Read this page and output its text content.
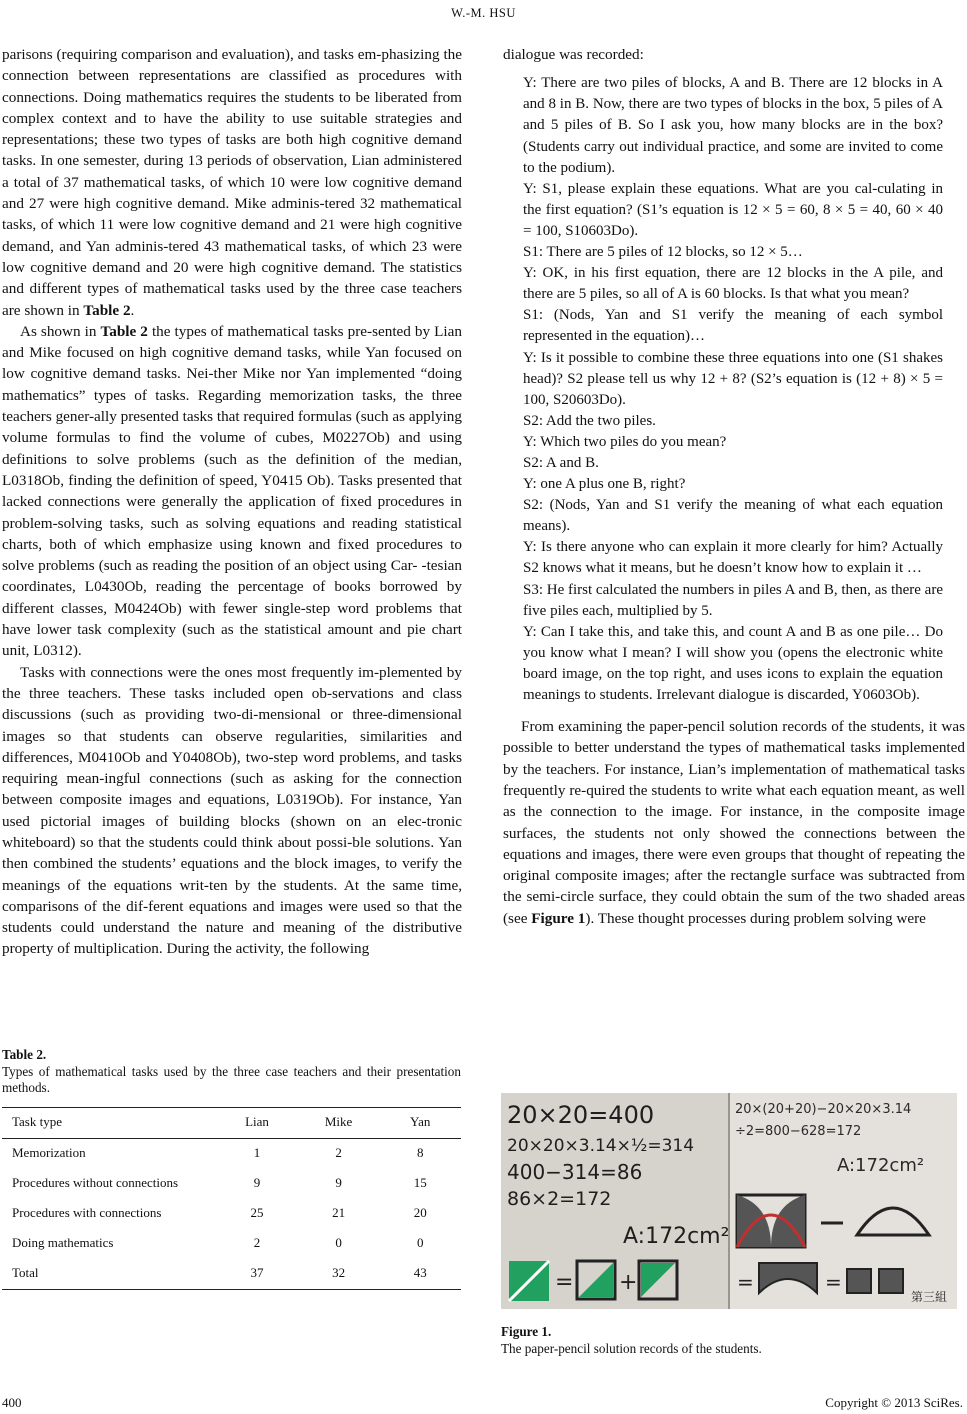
W.-M. HSU

parisons (requiring comparison and evaluation), and tasks em-phasizing the connection between representations are classified as procedures with connections. Doing mathematics requires the students to be liberated from complex context and to have the ability to use suitable strategies and representations; these two types of tasks are both high cognitive demand tasks. In one semester, during 13 periods of observation, Lian administered a total of 37 mathematical tasks, of which 10 were low cognitive demand and 27 were high cognitive demand. Mike adminis-tered 32 mathematical tasks, of which 11 were low cognitive demand and 21 were high cognitive demand, and Yan adminis-tered 43 mathematical tasks, of which 23 were low cognitive demand and 20 were high cognitive demand. The statistics and different types of mathematical tasks used by the three case teachers are shown in Table 2.

As shown in Table 2 the types of mathematical tasks pre-sented by Lian and Mike focused on high cognitive demand tasks, while Yan focused on low cognitive demand tasks. Nei-ther Mike nor Yan implemented “doing mathematics” types of tasks. Regarding memorization tasks, the three teachers gener-ally presented tasks that required formulas (such as applying volume formulas to find the volume of cubes, M0227Ob) and using definitions to solve problems (such as the definition of the median, L0318Ob, finding the definition of speed, Y0415 Ob). Tasks presented that lacked connections were generally the application of fixed procedures in problem-solving tasks, such as solving equations and reading statistical charts, both of which emphasize using known and fixed procedures to solve problems (such as reading the position of an object using Car- -tesian coordinates, L0430Ob, reading the percentage of books borrowed by different classes, M0424Ob) with fewer single-step word problems that have lower task complexity (such as the statistical amount and pie chart unit, L0312).

Tasks with connections were the ones most frequently im-plemented by the three teachers. These tasks included open ob-servations and class discussions (such as providing two-di-mensional or three-dimensional images so that students can observe regularities, similarities and differences, M0410Ob and Y0408Ob), two-step word problems, and tasks requiring mean-ingful connections (such as asking for the connection between composite images and equations, L0319Ob). For instance, Yan used pictorial images of building blocks (shown on an elec-tronic whiteboard) so that the students could think about possi-ble solutions. Yan then combined the students’ equations and the block images, to verify the meanings of the equations writ-ten by the students. At the same time, comparisons of the dif-ferent equations and images were used so that the students could understand the nature and meaning of the distributive property of multiplication. During the activity, the following

Table 2.
Types of mathematical tasks used by the three case teachers and their presentation methods.
Task type	Lian	Mike	Yan
Memorization	1	2	8
Procedures without connections	9	9	15
Procedures with connections	25	21	20
Doing mathematics	2	0	0
Total	37	32	43

dialogue was recorded:

Y: There are two piles of blocks, A and B. There are 12 blocks in A and 8 in B. Now, there are two types of blocks in the box, 5 piles of A and 5 piles of B. So I ask you, how many blocks are in the box? (Students carry out individual practice, and some are invited to come to the podium).

Y: S1, please explain these equations. What are you cal-culating in the first equation? (S1’s equation is 12 × 5 = 60, 8 × 5 = 40, 60 × 40 = 100, S10603Do).

S1: There are 5 piles of 12 blocks, so 12 × 5…

Y: OK, in his first equation, there are 12 blocks in the A pile, and there are 5 piles, so all of A is 60 blocks. Is that what you mean?

S1: (Nods, Yan and S1 verify the meaning of each symbol represented in the equation)…

Y: Is it possible to combine these three equations into one (S1 shakes head)? S2 please tell us why 12 + 8? (S2’s equation is (12 + 8) × 5 = 100, S20603Do).

S2: Add the two piles.

Y: Which two piles do you mean?

S2: A and B.

Y: one A plus one B, right?

S2: (Nods, Yan and S1 verify the meaning of what each equation means).

Y: Is there anyone who can explain it more clearly for him? Actually S2 knows what it means, but he doesn’t know how to explain it …

S3: He first calculated the numbers in piles A and B, then, as there are five piles each, multiplied by 5.

Y: Can I take this, and take this, and count A and B as one pile… Do you know what I mean? I will show you (opens the electronic white board image, on the top right, and uses icons to explain the equation meanings to students. Irrelevant dialogue is discarded, Y0603Ob).

From examining the paper-pencil solution records of the students, it was possible to better understand the types of mathematical tasks implemented by the teachers. For instance, Lian’s implementation of mathematical tasks frequently re-quired the students to write what each equation meant, as well as the connection to the image. For instance, in the composite image surfaces, the students not only showed the connections between the equations and images, there were even groups that thought of repeating the original composite images; after the rectangle surface was subtracted from the semi-circle surface, they could obtain the sum of the two shaded areas (see Figure 1). These thought processes during problem solving were

20×20=400
20×20×3.14×½=314
400−314=86
86×2=172
A:172cm²
= +
20×(20+20)−20×20×3.14
÷2=800−628=172
A:172cm²
第三組
=	=
Figure 1.
The paper-pencil solution records of the students.
400	Copyright © 2013 SciRes.
